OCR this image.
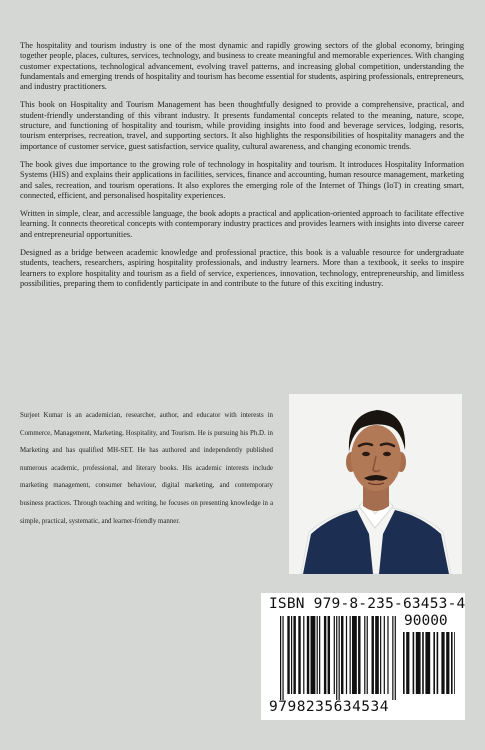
The hospitality and tourism industry is one of the most dynamic and rapidly growing sectors of the global economy, bringing together people, places, cultures, services, technology, and business to create meaningful and memorable experiences. With changing customer expectations, technological advancement, evolving travel patterns, and increasing global competition, understanding the fundamentals and emerging trends of hospitality and tourism has become essential for students, aspiring professionals, entrepreneurs, and industry practitioners.

This book on Hospitality and Tourism Management has been thoughtfully designed to provide a comprehensive, practical, and student-friendly understanding of this vibrant industry. It presents fundamental concepts related to the meaning, nature, scope, structure, and functioning of hospitality and tourism, while providing insights into food and beverage services, lodging, resorts, tourism enterprises, recreation, travel, and supporting sectors. It also highlights the responsibilities of hospitality managers and the importance of customer service, guest satisfaction, service quality, cultural awareness, and changing economic trends.

The book gives due importance to the growing role of technology in hospitality and tourism. It introduces Hospitality Information Systems (HIS) and explains their applications in facilities, services, finance and accounting, human resource management, marketing and sales, recreation, and tourism operations. It also explores the emerging role of the Internet of Things (IoT) in creating smart, connected, efficient, and personalised hospitality experiences.

Written in simple, clear, and accessible language, the book adopts a practical and application-oriented approach to facilitate effective learning. It connects theoretical concepts with contemporary industry practices and provides learners with insights into diverse career and entrepreneurial opportunities.

Designed as a bridge between academic knowledge and professional practice, this book is a valuable resource for undergraduate students, teachers, researchers, aspiring hospitality professionals, and industry learners. More than a textbook, it seeks to inspire learners to explore hospitality and tourism as a field of service, experiences, innovation, technology, entrepreneurship, and limitless possibilities, preparing them to confidently participate in and contribute to the future of this exciting industry.

Surjeet Kumar is an academician, researcher, author, and educator with interests in Commerce, Management, Marketing, Hospitality, and Tourism. He is pursuing his Ph.D. in Marketing and has qualified MH-SET. He has authored and independently published numerous academic, professional, and literary books. His academic interests include marketing management, consumer behaviour, digital marketing, and contemporary business practices. Through teaching and writing, he focuses on presenting knowledge in a simple, practical, systematic, and learner-friendly manner.
ISBN 979-8-235-63453-4
90000
9798235634534
